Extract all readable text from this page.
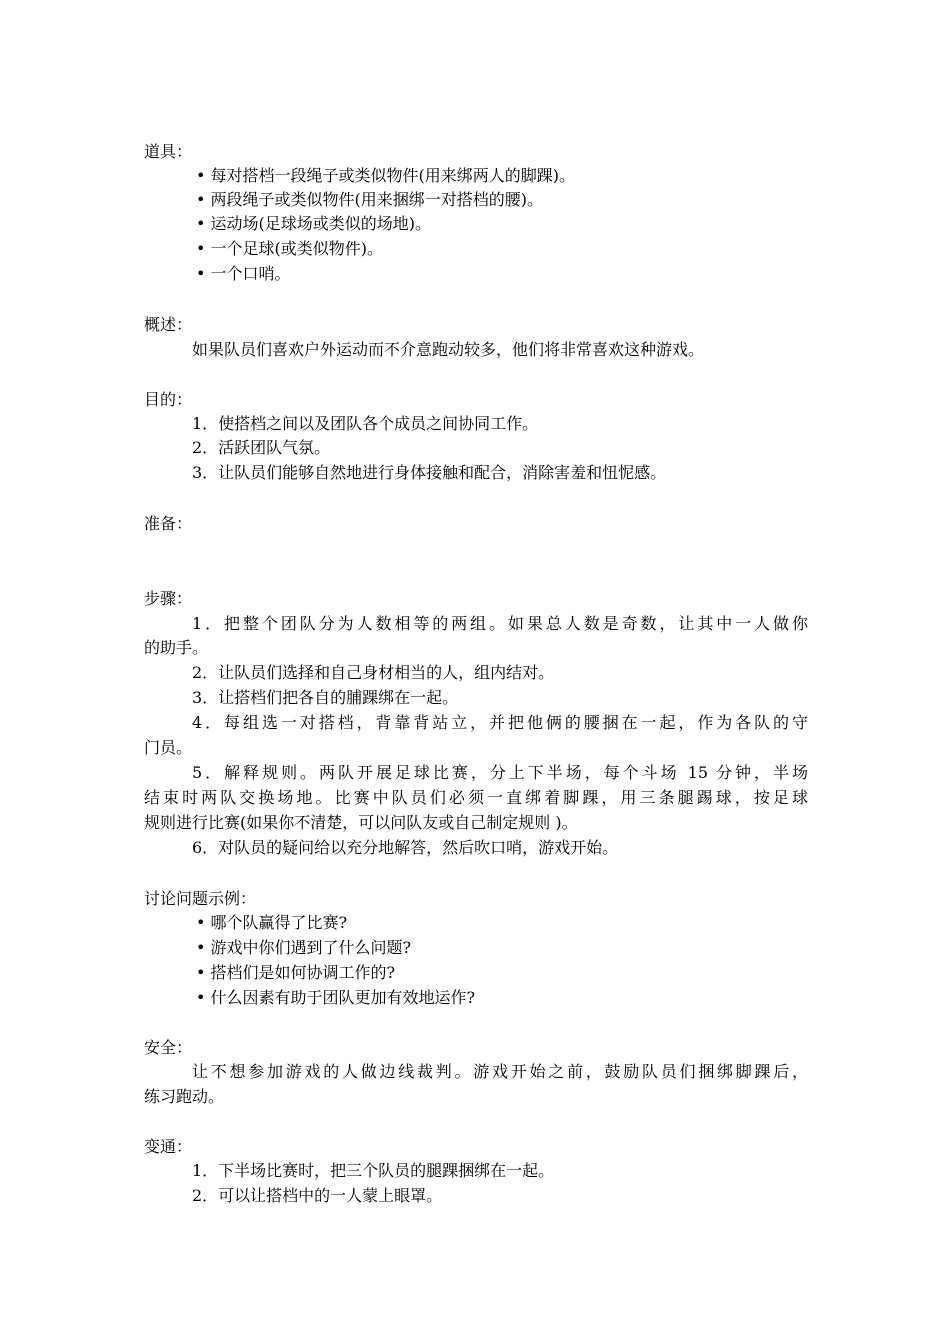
道具：
• 每对搭档一段绳子或类似物件(用来绑两人的脚踝)。
• 两段绳子或类似物件(用来捆绑一对搭档的腰)。
• 运动场(足球场或类似的场地)。
• 一个足球(或类似物件)。
• 一个口哨。
概述：
如果队员们喜欢户外运动而不介意跑动较多，他们将非常喜欢这种游戏。
目的：
1．使搭档之间以及团队各个成员之间协同工作。
2．活跃团队气氛。
3．让队员们能够自然地进行身体接触和配合，消除害羞和忸怩感。
准备：
步骤：
1．把整个团队分为人数相等的两组。如果总人数是奇数，让其中一人做你
的助手。
2．让队员们选择和自己身材相当的人，组内结对。
3．让搭档们把各自的脯踝绑在一起。
4．每组选一对搭档，背靠背站立，并把他俩的腰捆在一起，作为各队的守
门员。
5．解释规则。两队开展足球比赛，分上下半场，每个斗场 15 分钟，半场
结束时两队交换场地。比赛中队员们必须一直绑着脚踝，用三条腿踢球，按足球
规则进行比赛(如果你不清楚，可以问队友或自己制定规则 )。
6．对队员的疑问给以充分地解答，然后吹口哨，游戏开始。
讨论问题示例：
• 哪个队赢得了比赛?
• 游戏中你们遇到了什么问题?
• 搭档们是如何协调工作的?
• 什么因素有助于团队更加有效地运作?
安全：
让不想参加游戏的人做边线裁判。游戏开始之前，鼓励队员们捆绑脚踝后，
练习跑动。
变通：
1．下半场比赛时，把三个队员的腿踝捆绑在一起。
2．可以让搭档中的一人蒙上眼罩。
